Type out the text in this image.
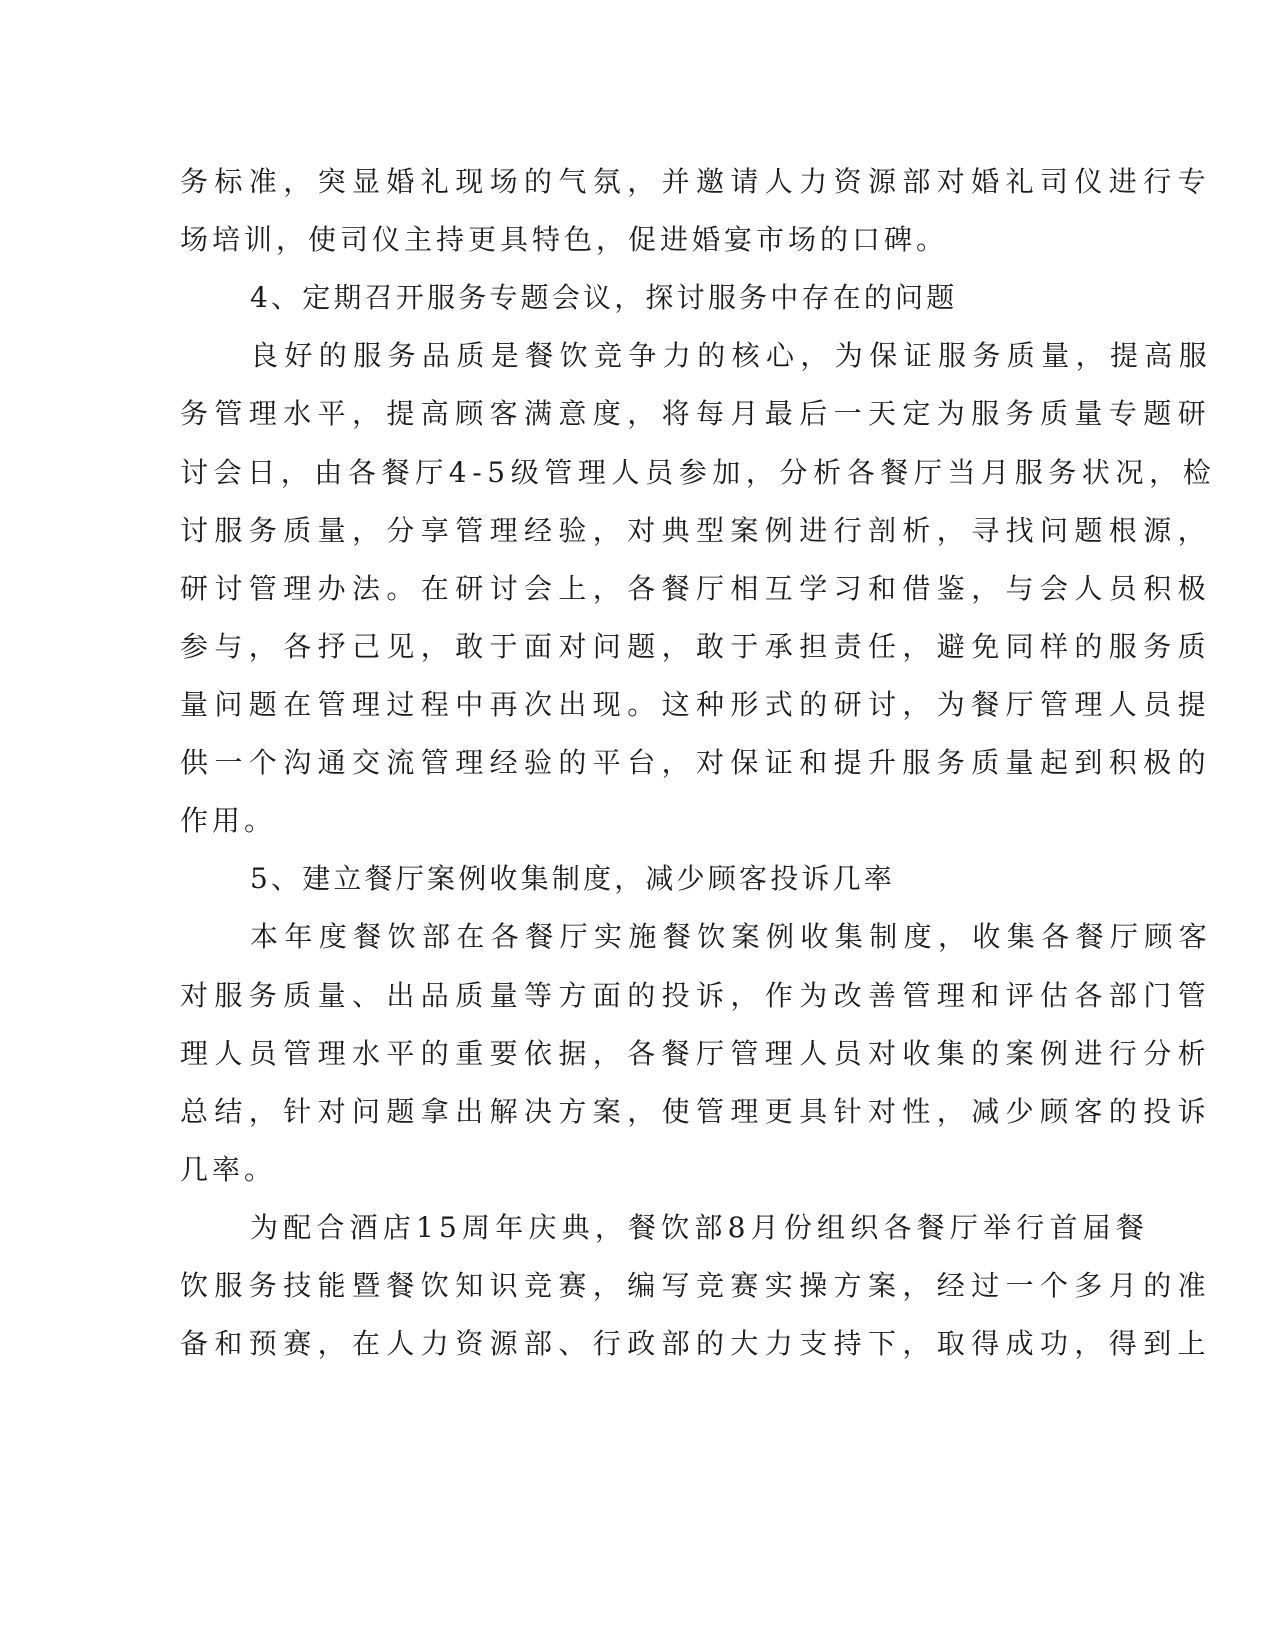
务标准，突显婚礼现场的气氛，并邀请人力资源部对婚礼司仪进行专
场培训，使司仪主持更具特色，促进婚宴市场的口碑。
4、定期召开服务专题会议，探讨服务中存在的问题
良好的服务品质是餐饮竞争力的核心，为保证服务质量，提高服
务管理水平，提高顾客满意度，将每月最后一天定为服务质量专题研
讨会日，由各餐厅4-5级管理人员参加，分析各餐厅当月服务状况，检
讨服务质量，分享管理经验，对典型案例进行剖析，寻找问题根源，
研讨管理办法。在研讨会上，各餐厅相互学习和借鉴，与会人员积极
参与，各抒己见，敢于面对问题，敢于承担责任，避免同样的服务质
量问题在管理过程中再次出现。这种形式的研讨，为餐厅管理人员提
供一个沟通交流管理经验的平台，对保证和提升服务质量起到积极的
作用。
5、建立餐厅案例收集制度，减少顾客投诉几率
本年度餐饮部在各餐厅实施餐饮案例收集制度，收集各餐厅顾客
对服务质量、出品质量等方面的投诉，作为改善管理和评估各部门管
理人员管理水平的重要依据，各餐厅管理人员对收集的案例进行分析
总结，针对问题拿出解决方案，使管理更具针对性，减少顾客的投诉
几率。
为配合酒店15周年庆典，餐饮部8月份组织各餐厅举行首届餐
饮服务技能暨餐饮知识竞赛，编写竞赛实操方案，经过一个多月的准
备和预赛，在人力资源部、行政部的大力支持下，取得成功，得到上
